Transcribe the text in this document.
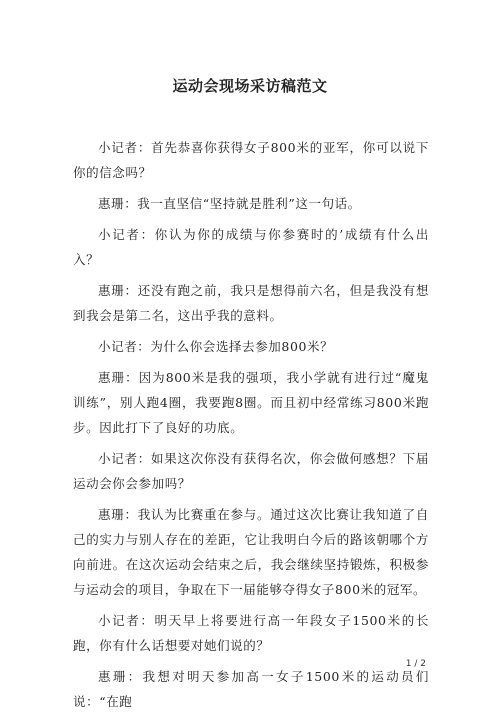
运动会现场采访稿范文

小记者：首先恭喜你获得女子800米的亚军，你可以说下你的信念吗？

惠珊：我一直坚信“坚持就是胜利”这一句话。

小记者：你认为你的成绩与你参赛时的’成绩有什么出入？

惠珊：还没有跑之前，我只是想得前六名，但是我没有想到我会是第二名，这出乎我的意料。

小记者：为什么你会选择去参加800米？

惠珊：因为800米是我的强项，我小学就有进行过“魔鬼训练”，别人跑4圈，我要跑8圈。而且初中经常练习800米跑步。因此打下了良好的功底。

小记者：如果这次你没有获得名次，你会做何感想？下届运动会你会参加吗？

惠珊：我认为比赛重在参与。通过这次比赛让我知道了自己的实力与别人存在的差距，它让我明白今后的路该朝哪个方向前进。在这次运动会结束之后，我会继续坚持锻炼，积极参与运动会的项目，争取在下一届能够夺得女子800米的冠军。

小记者：明天早上将要进行高一年段女子1500米的长跑，你有什么话想要对她们说的？

惠珊：我想对明天参加高一女子1500米的运动员们说：“在跑

1 / 2
